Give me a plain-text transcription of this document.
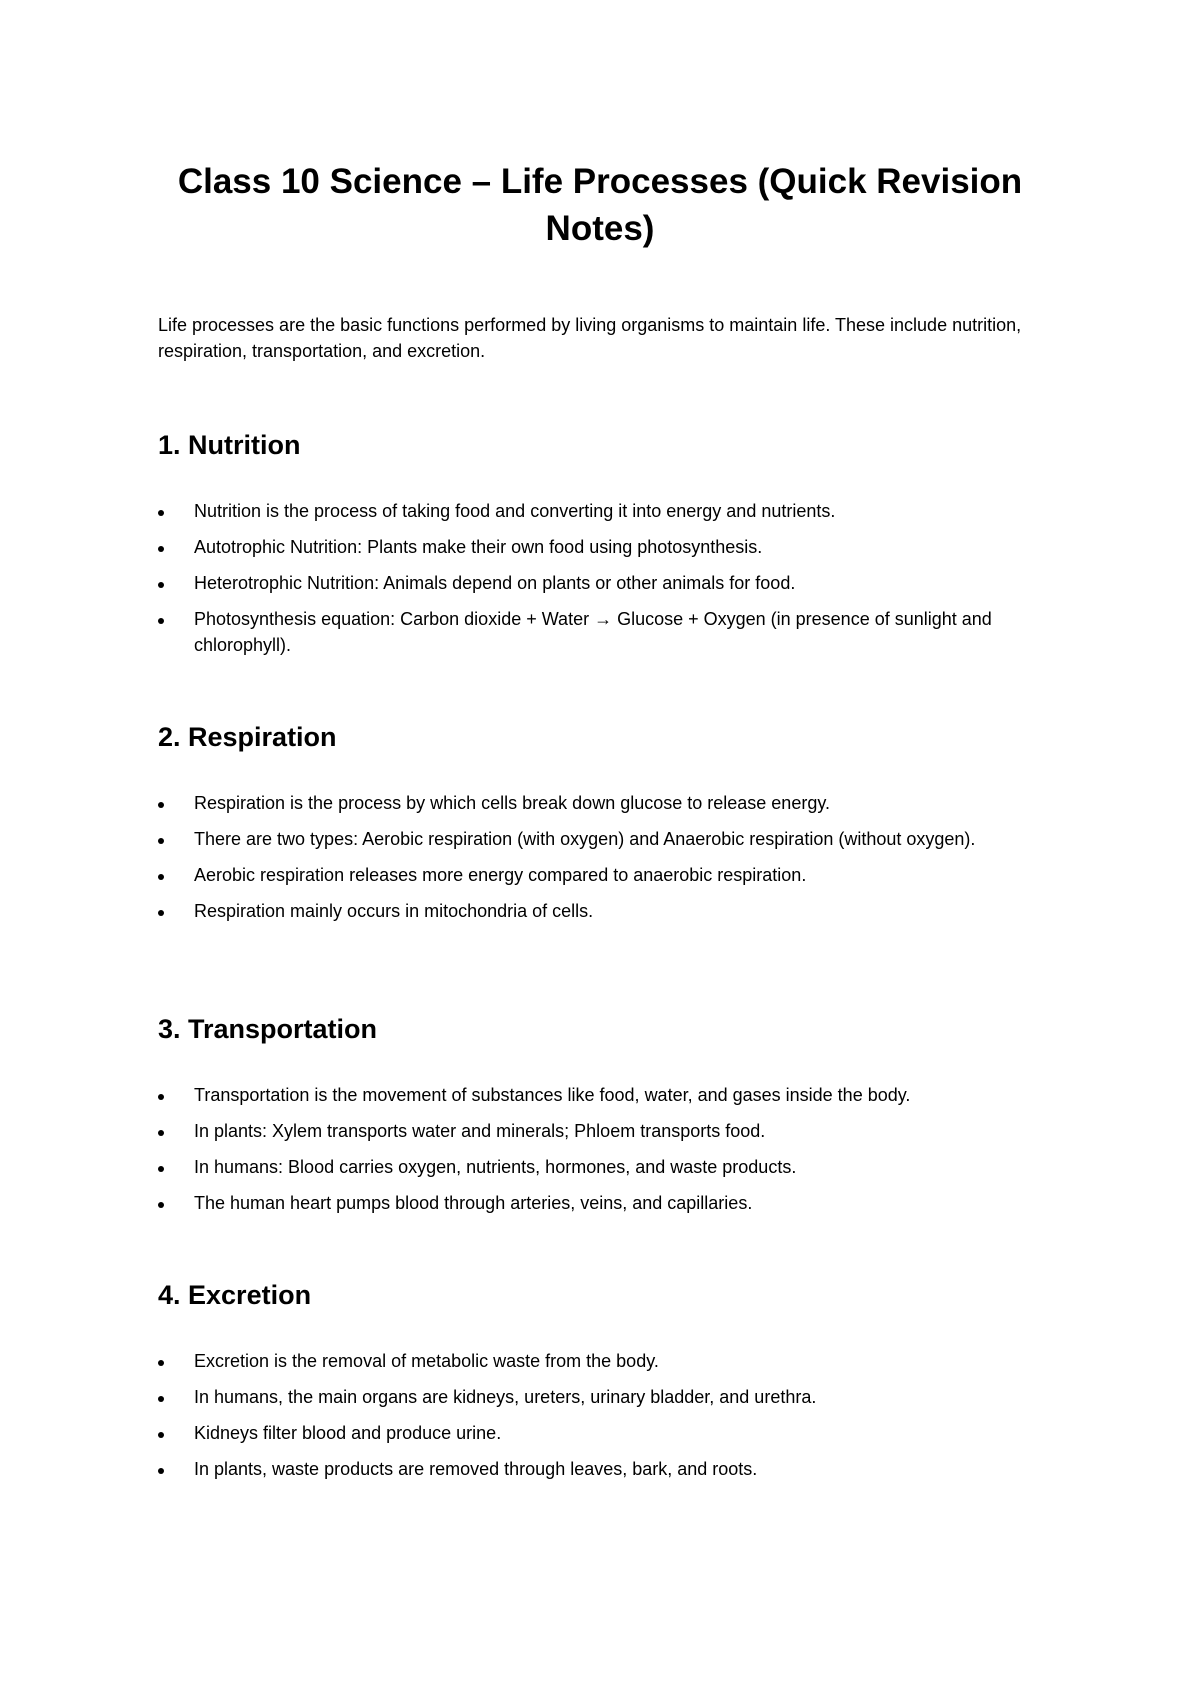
Class 10 Science – Life Processes (Quick Revision Notes)

Life processes are the basic functions performed by living organisms to maintain life. These include nutrition, respiration, transportation, and excretion.

1. Nutrition
Nutrition is the process of taking food and converting it into energy and nutrients.
Autotrophic Nutrition: Plants make their own food using photosynthesis.
Heterotrophic Nutrition: Animals depend on plants or other animals for food.
Photosynthesis equation: Carbon dioxide + Water → Glucose + Oxygen (in presence of sunlight and chlorophyll).
2. Respiration
Respiration is the process by which cells break down glucose to release energy.
There are two types: Aerobic respiration (with oxygen) and Anaerobic respiration (without oxygen).
Aerobic respiration releases more energy compared to anaerobic respiration.
Respiration mainly occurs in mitochondria of cells.
3. Transportation
Transportation is the movement of substances like food, water, and gases inside the body.
In plants: Xylem transports water and minerals; Phloem transports food.
In humans: Blood carries oxygen, nutrients, hormones, and waste products.
The human heart pumps blood through arteries, veins, and capillaries.
4. Excretion
Excretion is the removal of metabolic waste from the body.
In humans, the main organs are kidneys, ureters, urinary bladder, and urethra.
Kidneys filter blood and produce urine.
In plants, waste products are removed through leaves, bark, and roots.
